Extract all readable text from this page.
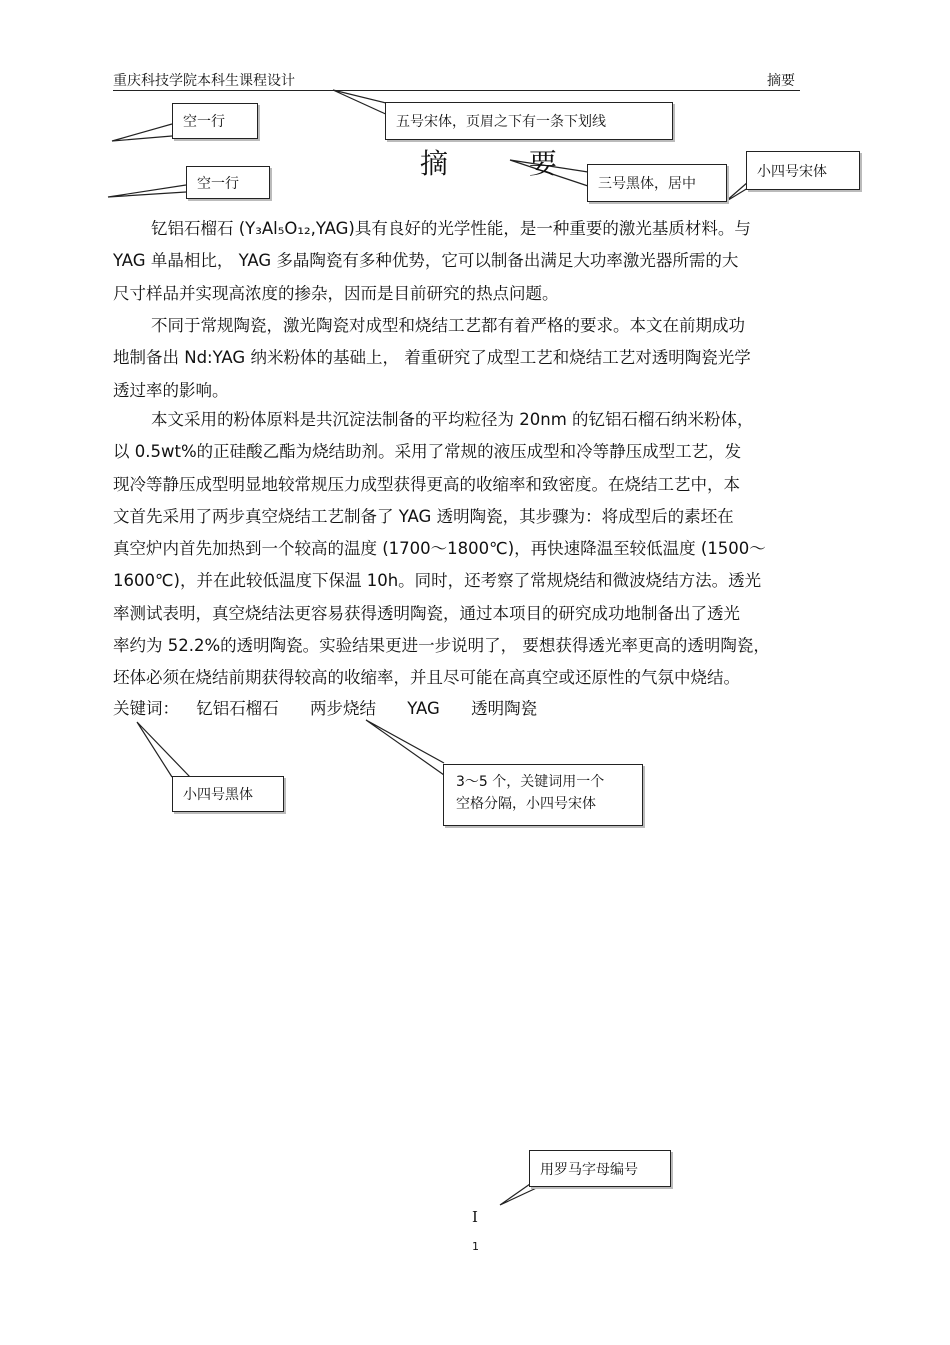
重庆科技学院本科生课程设计	摘要
空一行	五号宋体，页眉之下有一条下划线
空一行	三号黑体，居中
小四号宋体
小四号黑体
3～5 个，关键词用一个
空格分隔，小四号宋体
用罗马字母编号
摘 要

钇铝石榴石 (Y₃Al₅O₁₂,YAG)具有良好的光学性能，是一种重要的激光基质材料。与

YAG 单晶相比， YAG 多晶陶瓷有多种优势，它可以制备出满足大功率激光器所需的大

尺寸样品并实现高浓度的掺杂，因而是目前研究的热点问题。

不同于常规陶瓷，激光陶瓷对成型和烧结工艺都有着严格的要求。本文在前期成功

地制备出 Nd:YAG 纳米粉体的基础上， 着重研究了成型工艺和烧结工艺对透明陶瓷光学

透过率的影响。

本文采用的粉体原料是共沉淀法制备的平均粒径为 20nm 的钇铝石榴石纳米粉体，

以 0.5wt%的正硅酸乙酯为烧结助剂。采用了常规的液压成型和冷等静压成型工艺，发

现冷等静压成型明显地较常规压力成型获得更高的收缩率和致密度。在烧结工艺中，本

文首先采用了两步真空烧结工艺制备了 YAG 透明陶瓷，其步骤为：将成型后的素坯在

真空炉内首先加热到一个较高的温度 (1700～1800℃)，再快速降温至较低温度 (1500～

1600℃)，并在此较低温度下保温 10h。同时，还考察了常规烧结和微波烧结方法。透光

率测试表明，真空烧结法更容易获得透明陶瓷，通过本项目的研究成功地制备出了透光

率约为 52.2%的透明陶瓷。实验结果更进一步说明了， 要想获得透光率更高的透明陶瓷，

坯体必须在烧结前期获得较高的收缩率，并且尽可能在高真空或还原性的气氛中烧结。

关键词： 钇铝石榴石 两步烧结 YAG 透明陶瓷
I
1
